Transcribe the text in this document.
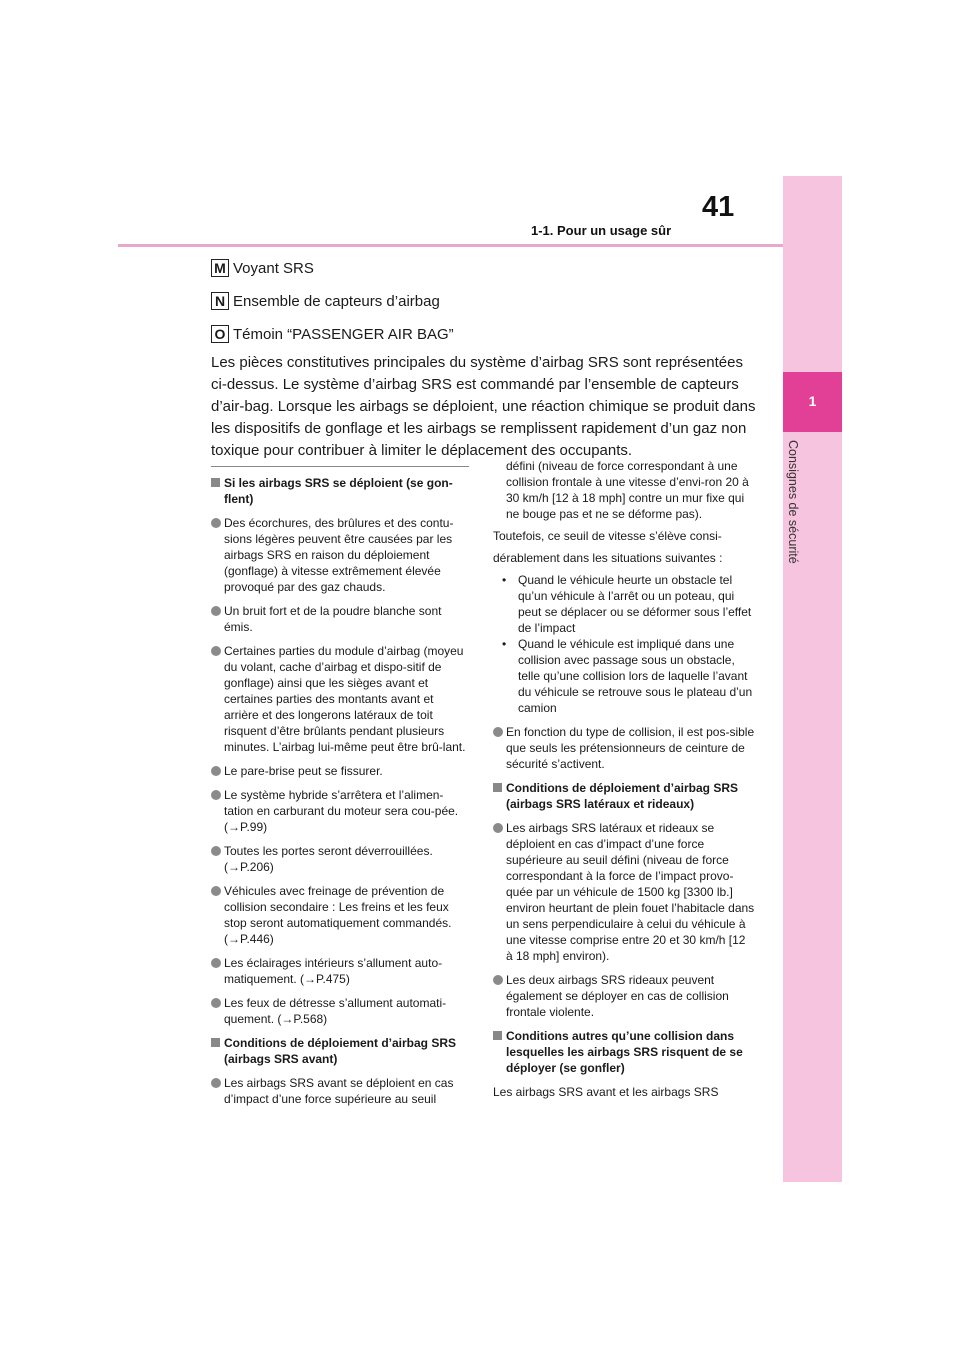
1
Consignes de sécurité
1-1. Pour un usage sûr
41
M Voyant SRS
N Ensemble de capteurs d’airbag
O Témoin “PASSENGER AIR BAG”

Les pièces constitutives principales du système d’airbag SRS sont représentées ci-dessus. Le système d’airbag SRS est commandé par l’ensemble de capteurs d’air-bag. Lorsque les airbags se déploient, une réaction chimique se produit dans les dispositifs de gonflage et les airbags se remplissent rapidement d’un gaz non toxique pour contribuer à limiter le déplacement des occupants.

Si les airbags SRS se déploient (se gon-flent)

Des écorchures, des brûlures et des contu-sions légères peuvent être causées par les airbags SRS en raison du déploiement (gonflage) à vitesse extrêmement élevée provoqué par des gaz chauds.

Un bruit fort et de la poudre blanche sont émis.

Certaines parties du module d’airbag (moyeu du volant, cache d’airbag et dispo-sitif de gonflage) ainsi que les sièges avant et certaines parties des montants avant et arrière et des longerons latéraux de toit risquent d’être brûlants pendant plusieurs minutes. L’airbag lui-même peut être brû-lant.

Le pare-brise peut se fissurer.

Le système hybride s’arrêtera et l’alimen-tation en carburant du moteur sera cou-pée. (→P.99)

Toutes les portes seront déverrouillées. (→P.206)

Véhicules avec freinage de prévention de collision secondaire : Les freins et les feux stop seront automatiquement commandés. (→P.446)

Les éclairages intérieurs s’allument auto-matiquement. (→P.475)

Les feux de détresse s’allument automati-quement. (→P.568)

Conditions de déploiement d’airbag SRS (airbags SRS avant)

Les airbags SRS avant se déploient en cas d’impact d’une force supérieure au seuil

défini (niveau de force correspondant à une collision frontale à une vitesse d’envi-ron 20 à 30 km/h [12 à 18 mph] contre un mur fixe qui ne bouge pas et ne se déforme pas).

Toutefois, ce seuil de vitesse s’élève consi-

dérablement dans les situations suivantes :

• Quand le véhicule heurte un obstacle tel qu’un véhicule à l’arrêt ou un poteau, qui peut se déplacer ou se déformer sous l’effet de l’impact

• Quand le véhicule est impliqué dans une collision avec passage sous un obstacle, telle qu’une collision lors de laquelle l’avant du véhicule se retrouve sous le plateau d’un camion

En fonction du type de collision, il est pos-sible que seuls les prétensionneurs de ceinture de sécurité s’activent.

Conditions de déploiement d’airbag SRS (airbags SRS latéraux et rideaux)

Les airbags SRS latéraux et rideaux se déploient en cas d’impact d’une force supérieure au seuil défini (niveau de force correspondant à la force de l’impact provo-quée par un véhicule de 1500 kg [3300 lb.] environ heurtant de plein fouet l’habitacle dans un sens perpendiculaire à celui du véhicule à une vitesse comprise entre 20 et 30 km/h [12 à 18 mph] environ).

Les deux airbags SRS rideaux peuvent également se déployer en cas de collision frontale violente.

Conditions autres qu’une collision dans lesquelles les airbags SRS risquent de se déployer (se gonfler)

Les airbags SRS avant et les airbags SRS
